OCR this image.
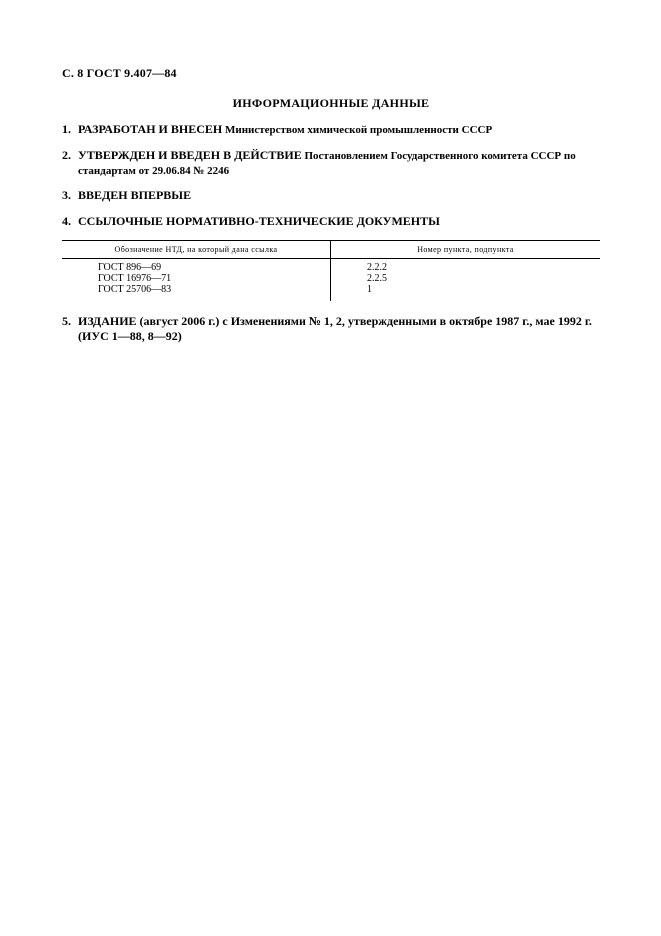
С. 8 ГОСТ 9.407—84
ИНФОРМАЦИОННЫЕ ДАННЫЕ
1. РАЗРАБОТАН И ВНЕСЕН Министерством химической промышленности СССР
2. УТВЕРЖДЕН И ВВЕДЕН В ДЕЙСТВИЕ Постановлением Государственного комитета СССР по стандартам от 29.06.84 № 2246
3. ВВЕДЕН ВПЕРВЫЕ
4. ССЫЛОЧНЫЕ НОРМАТИВНО-ТЕХНИЧЕСКИЕ ДОКУМЕНТЫ
Обозначение НТД, на который дана ссылка	Номер пункта, подпункта
ГОСТ 896—69	2.2.2
ГОСТ 16976—71	2.2.5
ГОСТ 25706—83	1
5. ИЗДАНИЕ (август 2006 г.) с Изменениями № 1, 2, утвержденными в октябре 1987 г., мае 1992 г. (ИУС 1—88, 8—92)
